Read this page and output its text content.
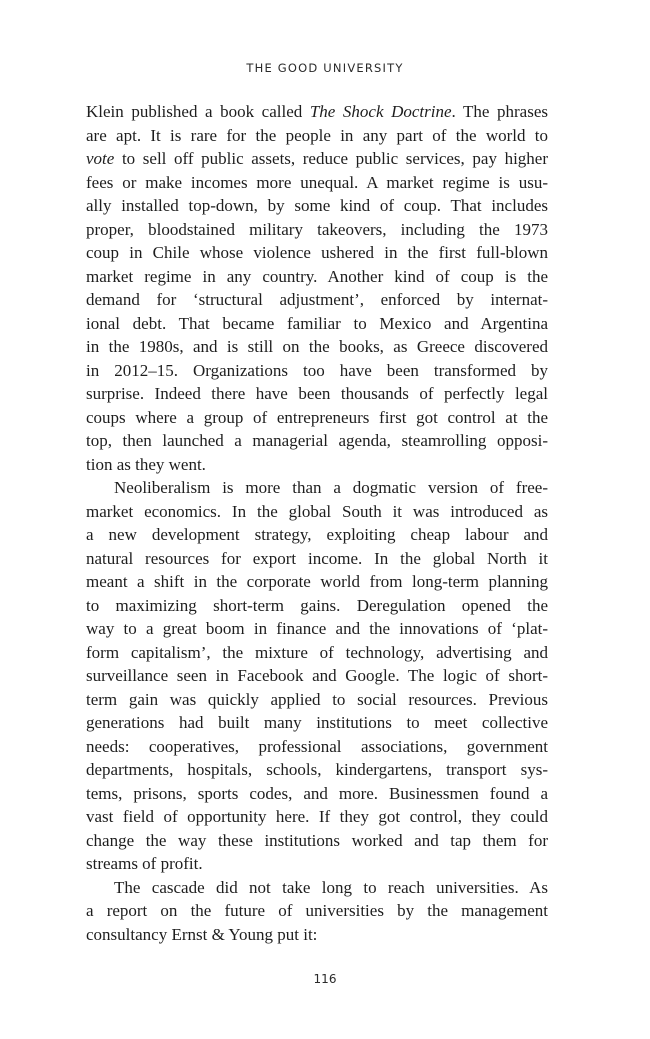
THE GOOD UNIVERSITY
Klein published a book called The Shock Doctrine. The phrases
are apt. It is rare for the people in any part of the world to
vote to sell off public assets, reduce public services, pay higher
fees or make incomes more unequal. A market regime is usu-
ally installed top-down, by some kind of coup. That includes
proper, bloodstained military takeovers, including the 1973
coup in Chile whose violence ushered in the first full-blown
market regime in any country. Another kind of coup is the
demand for ‘structural adjustment’, enforced by internat-
ional debt. That became familiar to Mexico and Argentina
in the 1980s, and is still on the books, as Greece discovered
in 2012–15. Organizations too have been transformed by
surprise. Indeed there have been thousands of perfectly legal
coups where a group of entrepreneurs first got control at the
top, then launched a managerial agenda, steamrolling opposi-
tion as they went.
Neoliberalism is more than a dogmatic version of free-
market economics. In the global South it was introduced as
a new development strategy, exploiting cheap labour and
natural resources for export income. In the global North it
meant a shift in the corporate world from long-term planning
to maximizing short-term gains. Deregulation opened the
way to a great boom in finance and the innovations of ‘plat-
form capitalism’, the mixture of technology, advertising and
surveillance seen in Facebook and Google. The logic of short-
term gain was quickly applied to social resources. Previous
generations had built many institutions to meet collective
needs: cooperatives, professional associations, government
departments, hospitals, schools, kindergartens, transport sys-
tems, prisons, sports codes, and more. Businessmen found a
vast field of opportunity here. If they got control, they could
change the way these institutions worked and tap them for
streams of profit.
The cascade did not take long to reach universities. As
a report on the future of universities by the management
consultancy Ernst & Young put it:
116
